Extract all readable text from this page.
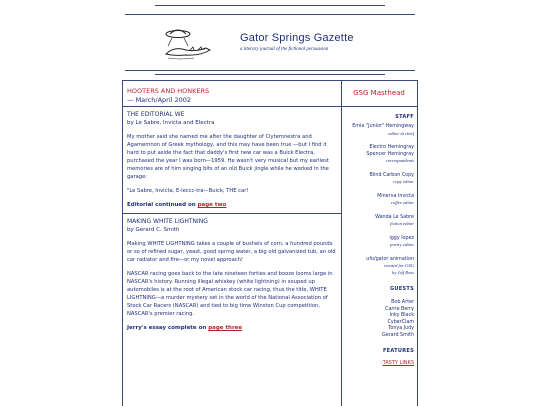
Gator Springs Gazette
a literary journal of the fictional persuasion
HOOTERS AND HONKERS
— March/April 2002
THE EDITORIAL WE
by Le Sabre, Invicta and Electra

My mother said she named me after the daughter of Clytemnestra and Agamemnon of Greek mythology, and this may have been true —but I find it hard to put aside the fact that daddy's first new car was a Buick Electra, purchased the year I was born—1959. He wasn't very musical but my earliest memories are of him singing bits of an old Buick jingle while he worked in the garage:

"Le Sabre, Invicta, E-leccc-tra—Buick, THE car!

Editorial continued on page two
MAKING WHITE LIGHTNING
by Gerard C. Smith

Making WHITE LIGHTNING takes a couple of bushels of corn, a hundred pounds or so of refined sugar, yeast, good spring water, a big old galvanized tub, an old car radiator and fire—or my novel approach!

NASCAR racing goes back to the late nineteen forties and booze looms large in NASCAR's history. Running illegal whiskey (white lightning) in souped up automobiles is at the root of American stock car racing, thus the title, WHITE LIGHTNING—a murder mystery set in the world of the National Association of Stock Car Racers (NASCAR) and tied to big time Winston Cup competition, NASCAR's premier racing.

Jerry's essay complete on page three
GSG Masthead
STAFF
Ernie "Junior" Hemingway
editor in chief
Electro Hemingray
Spencer Hemingray
correspondents
Blind Carbon Copy
copy editor
Minerva Invicta
coffee editor
Wanda Le Sabre
fiction editor
iggy lopez
poetry editor
ufo/gator animation
created for GSG
by Jeff Ross
GUESTS
Bob Arter
Carrie Berry
Inky Black
CyberClam
Tonya Judy
Gerard Smith
FEATURES
TASTY LINKS
